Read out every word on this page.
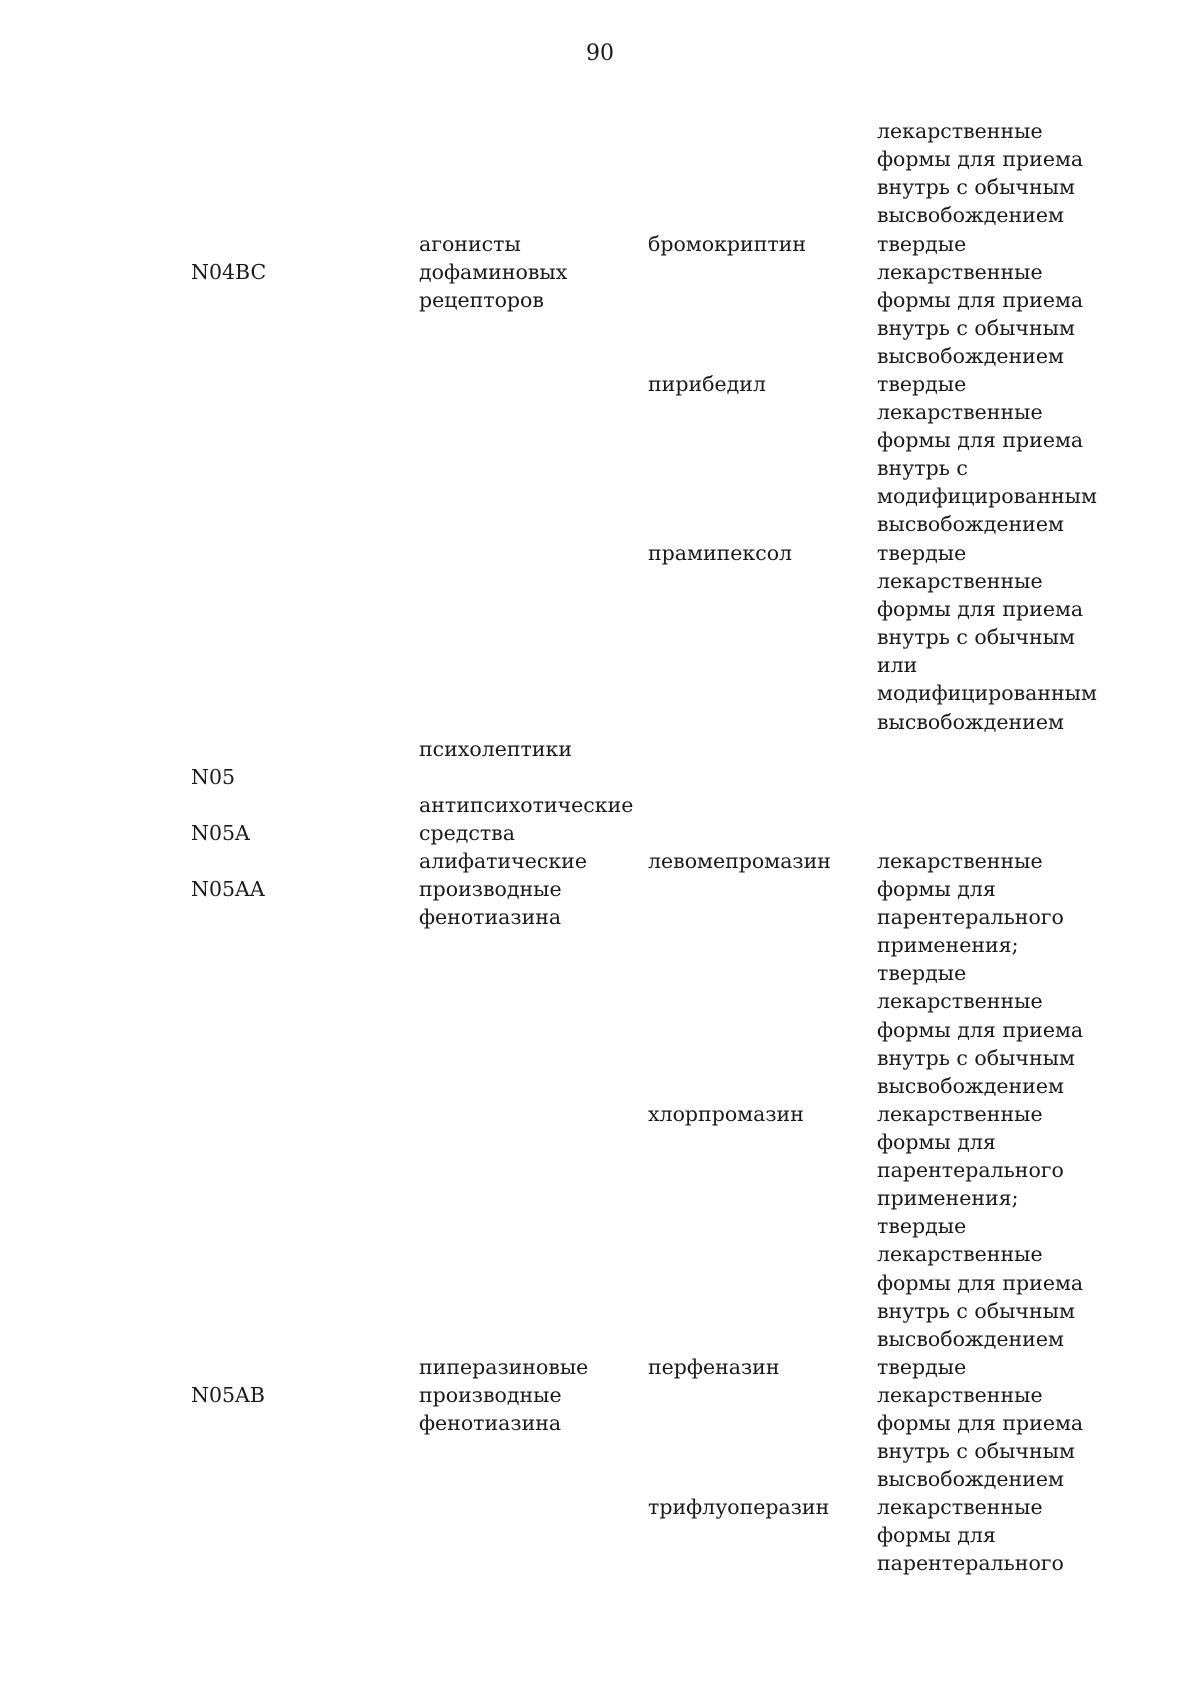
90
лекарственные
формы для приема
внутрь с обычным
высвобождением
твердые
лекарственные
формы для приема
внутрь с обычным
высвобождением
твердые
лекарственные
формы для приема
внутрь с
модифицированным
высвобождением
твердые
лекарственные
формы для приема
внутрь с обычным
или
модифицированным
высвобождением
лекарственные
формы для
парентерального
применения;
твердые
лекарственные
формы для приема
внутрь с обычным
высвобождением
лекарственные
формы для
парентерального
применения;
твердые
лекарственные
формы для приема
внутрь с обычным
высвобождением
твердые
лекарственные
формы для приема
внутрь с обычным
высвобождением
лекарственные
формы для
парентерального
N04BC
N05
N05A
N05AA
N05AB
агонисты
дофаминовых
рецепторов
психолептики
антипсихотические
средства
алифатические
производные
фенотиазина
пиперазиновые
производные
фенотиазина
бромокриптин
пирибедил
прамипексол
левомепромазин
хлорпромазин
перфеназин
трифлуоперазин
